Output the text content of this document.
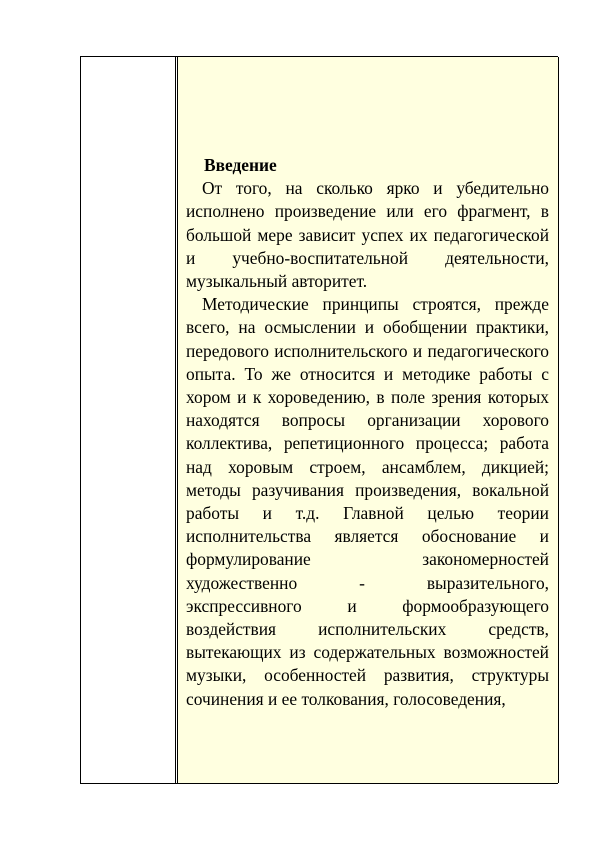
Введение

От того, на сколько ярко и убедительно исполнено произведение или его фрагмент, в большой мере зависит успех их педагогической и учебно-воспитательной деятельности, музыкальный авторитет.

Методические принципы строятся, прежде всего, на осмыслении и обобщении практики, передового исполнительского и педагогического опыта. То же относится и методике работы с хором и к хороведению, в поле зрения которых находятся вопросы организации хорового коллектива, репетиционного процесса; работа над хоровым строем, ансамблем, дикцией; методы разучивания произведения, вокальной работы и т.д. Главной целью теории исполнительства является обоснование и формулирование закономерностей художественно - выразительного, экспрессивного и формообразующего воздействия исполнительских средств, вытекающих из содержательных возможностей музыки, особенностей развития, структуры сочинения и ее толкования, голосоведения,
